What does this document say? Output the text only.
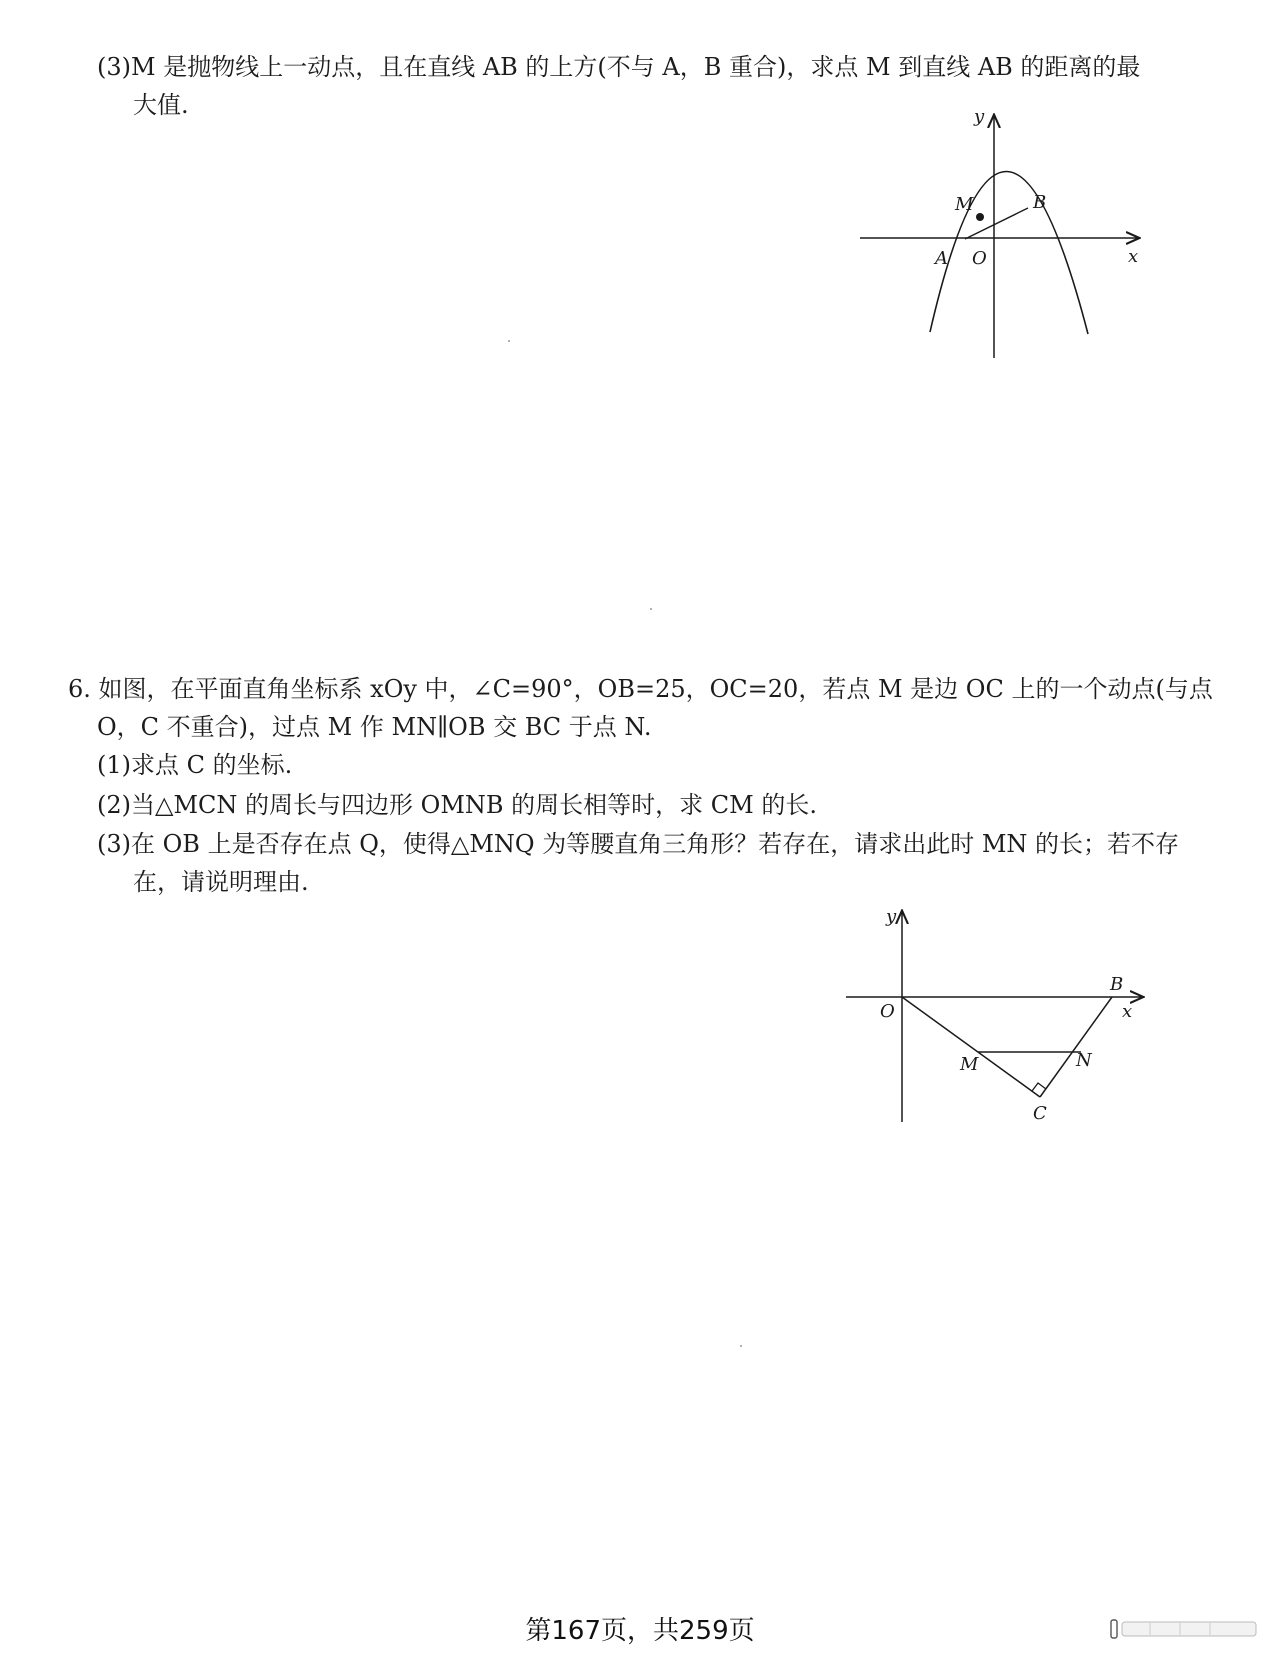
(3)M 是抛物线上一动点，且在直线 AB 的上方(不与 A，B 重合)，求点 M 到直线 AB 的距离的最
大值.	y
M	B
A O	x
6. 如图，在平面直角坐标系 xOy 中，∠C=90°，OB=25，OC=20，若点 M 是边 OC 上的一个动点(与点
O，C 不重合)，过点 M 作 MN∥OB 交 BC 于点 N.
(1)求点 C 的坐标.
(2)当△MCN 的周长与四边形 OMNB 的周长相等时，求 CM 的长.
(3)在 OB 上是否存在点 Q，使得△MNQ 为等腰直角三角形？若存在，请求出此时 MN 的长；若不存
在，请说明理由.
y
B
O	x
M	N
C
第167页，共259页
